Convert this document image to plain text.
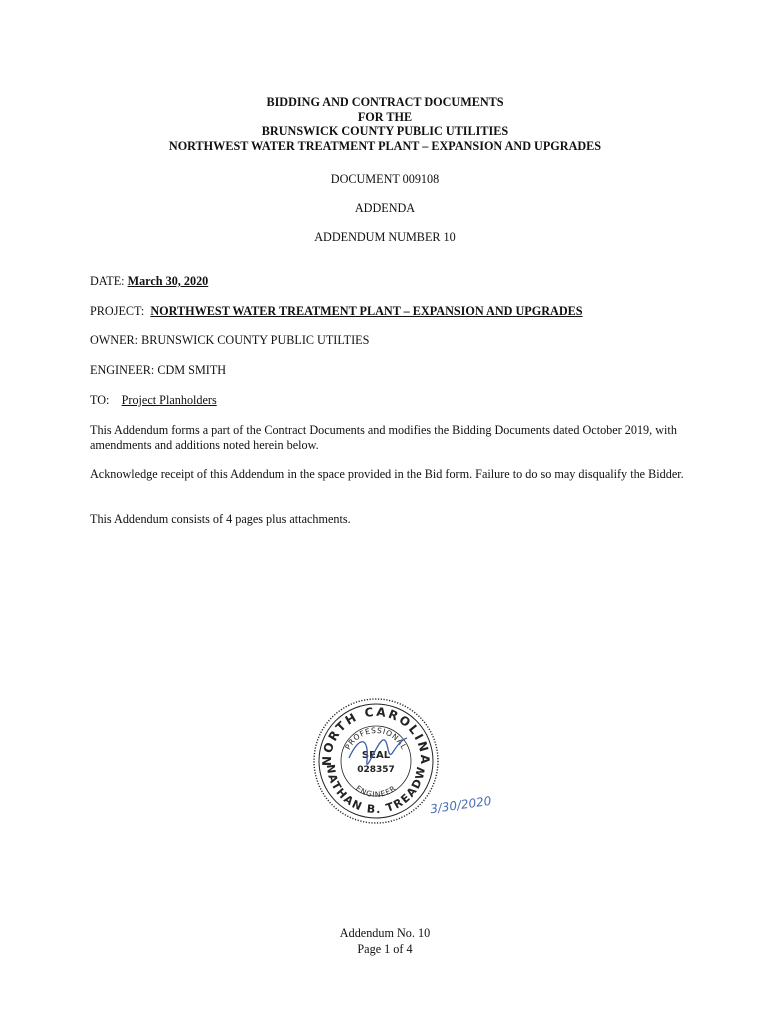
BIDDING AND CONTRACT DOCUMENTS
FOR THE
BRUNSWICK COUNTY PUBLIC UTILITIES
NORTHWEST WATER TREATMENT PLANT – EXPANSION AND UPGRADES
DOCUMENT 009108
ADDENDA
ADDENDUM NUMBER 10
DATE: March 30, 2020
PROJECT: NORTHWEST WATER TREATMENT PLANT – EXPANSION AND UPGRADES
OWNER: BRUNSWICK COUNTY PUBLIC UTILTIES
ENGINEER: CDM SMITH
TO: Project Planholders
This Addendum forms a part of the Contract Documents and modifies the Bidding Documents dated October 2019, with amendments and additions noted herein below.
Acknowledge receipt of this Addendum in the space provided in the Bid form. Failure to do so may disqualify the Bidder.
This Addendum consists of 4 pages plus attachments.
NORTH CAROLINA
NATHAN B. TREADW
PROFESSIONAL
ENGINEER
SEAL
028357
3/30/2020
Addendum No. 10
Page 1 of 4
